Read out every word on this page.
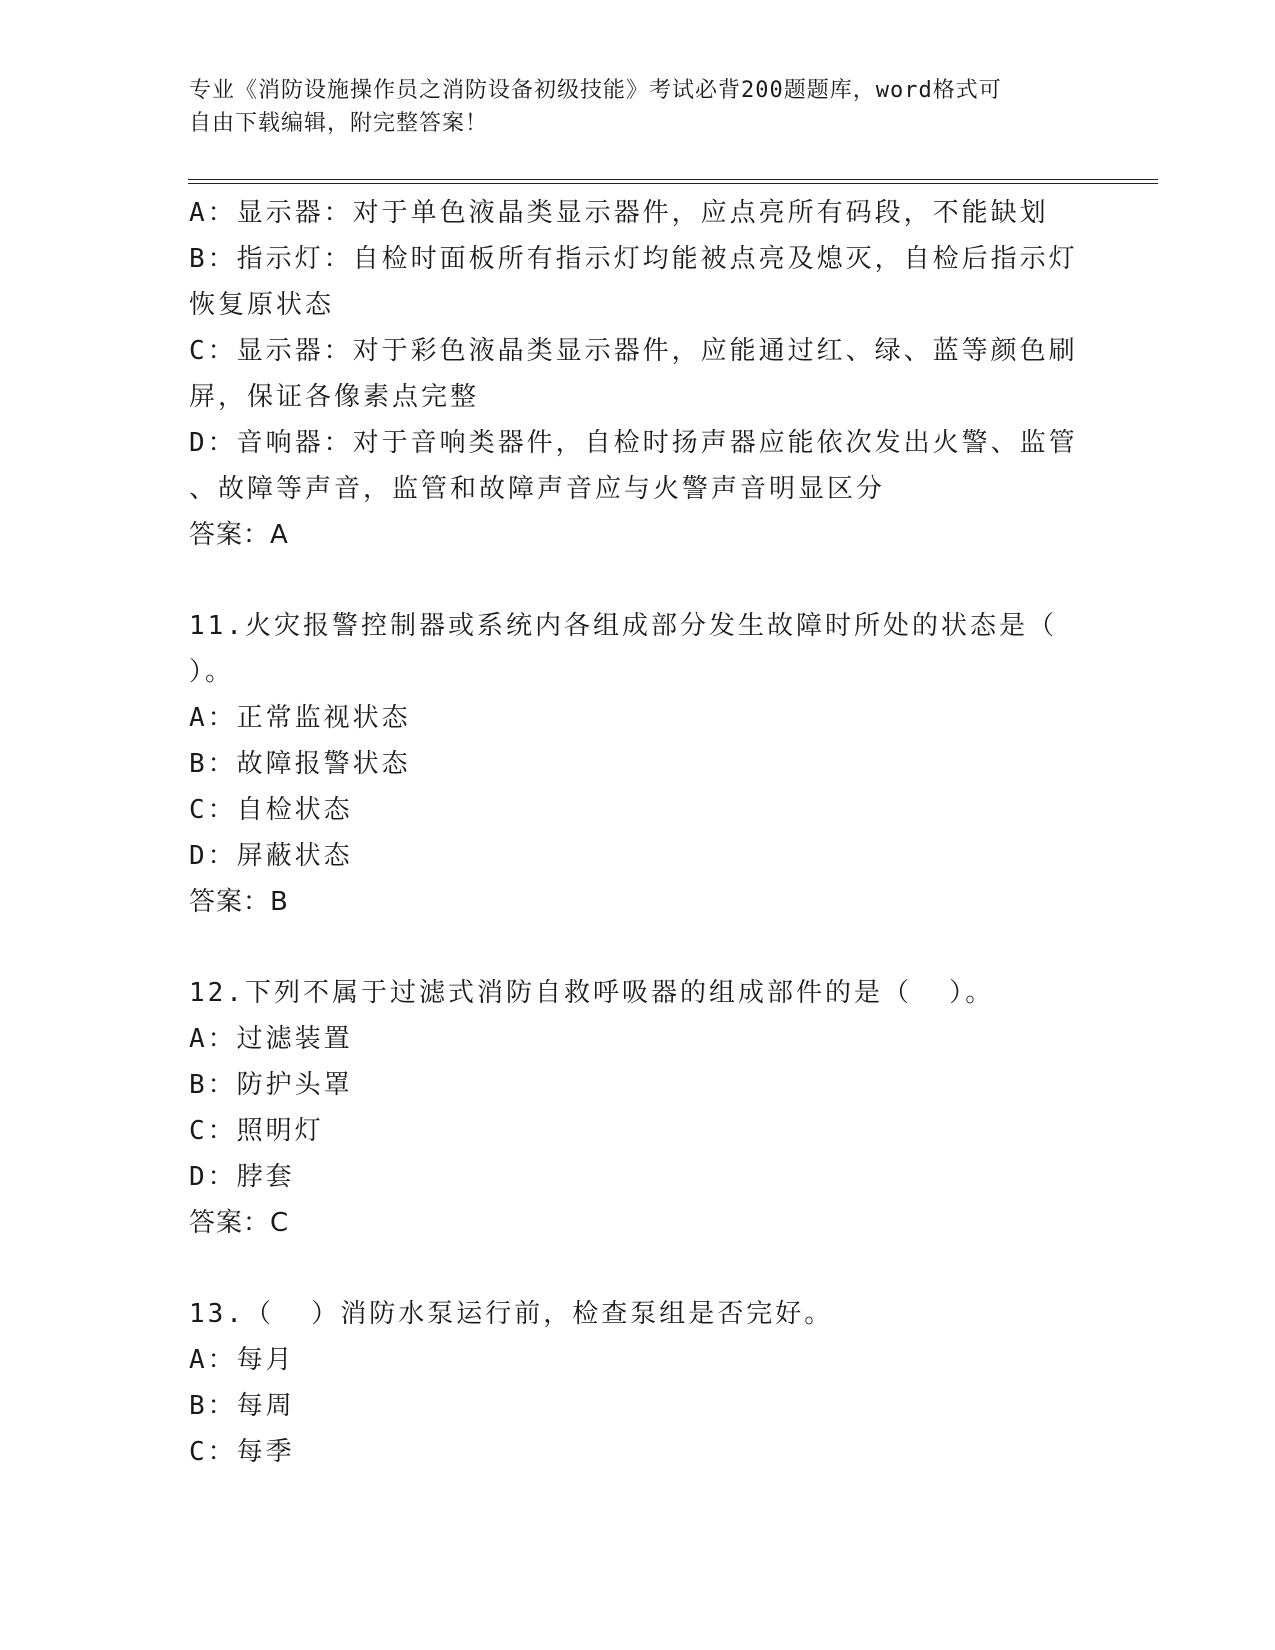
专业《消防设施操作员之消防设备初级技能》考试必背200题题库，word格式可
自由下载编辑，附完整答案！
A：显示器：对于单色液晶类显示器件，应点亮所有码段，不能缺划
B：指示灯：自检时面板所有指示灯均能被点亮及熄灭，自检后指示灯
恢复原状态
C：显示器：对于彩色液晶类显示器件，应能通过红、绿、蓝等颜色刷
屏，保证各像素点完整
D：音响器：对于音响类器件，自检时扬声器应能依次发出火警、监管
、故障等声音，监管和故障声音应与火警声音明显区分
答案：A
11.火灾报警控制器或系统内各组成部分发生故障时所处的状态是（
）。
A：正常监视状态
B：故障报警状态
C：自检状态
D：屏蔽状态
答案：B
12.下列不属于过滤式消防自救呼吸器的组成部件的是（  ）。
A：过滤装置
B：防护头罩
C：照明灯
D：脖套
答案：C
13.（  ）消防水泵运行前，检查泵组是否完好。
A：每月
B：每周
C：每季
